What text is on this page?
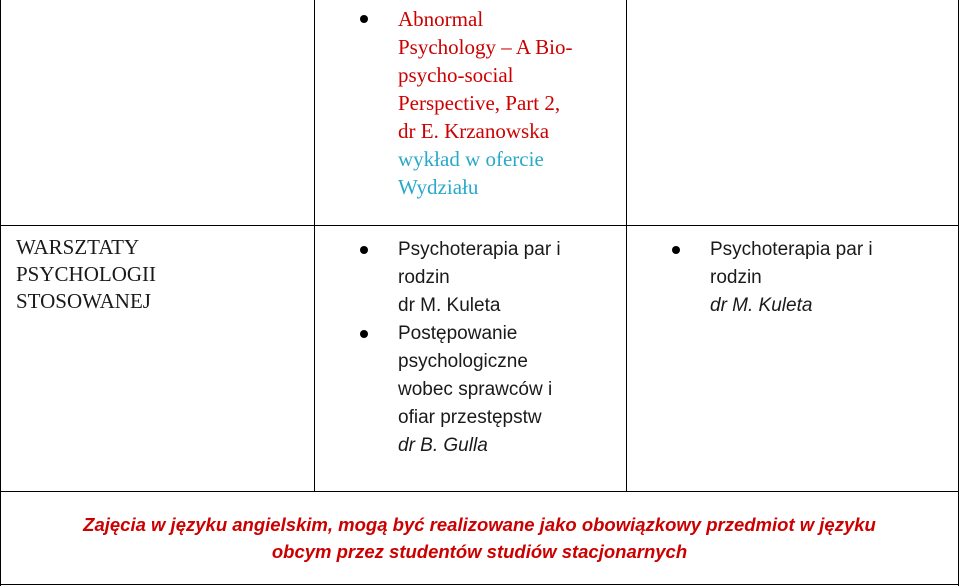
Abnormal
Psychology – A Bio-
psycho-social
Perspective, Part 2,
dr E. Krzanowska
wykład w ofercie
Wydziału
WARSZTATY
PSYCHOLOGII
STOSOWANEJ
Psychoterapia par i
rodzin
dr M. Kuleta
Postępowanie
psychologiczne
wobec sprawców i
ofiar przestępstw
dr B. Gulla
Psychoterapia par i
rodzin
dr M. Kuleta
Zajęcia w języku angielskim, mogą być realizowane jako obowiązkowy przedmiot w języku
obcym przez studentów studiów stacjonarnych
